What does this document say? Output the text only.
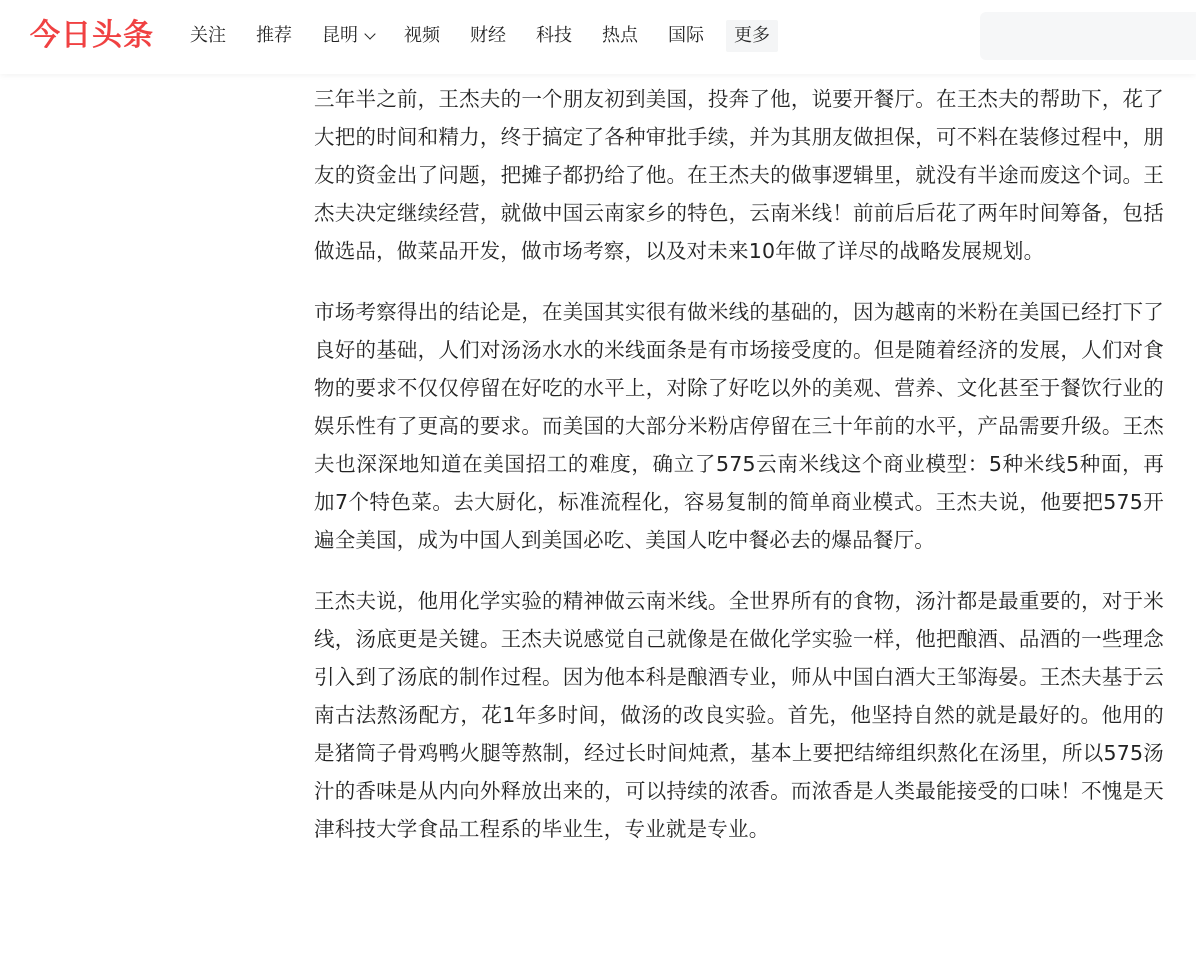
今日头条 关注 推荐 昆明	视频 财经 科技 热点 国际	更多

三年半之前，王杰夫的一个朋友初到美国，投奔了他，说要开餐厅。在王杰夫的帮助下，花了大把的时间和精力，终于搞定了各种审批手续，并为其朋友做担保，可不料在装修过程中，朋友的资金出了问题，把摊子都扔给了他。在王杰夫的做事逻辑里，就没有半途而废这个词。王杰夫决定继续经营，就做中国云南家乡的特色，云南米线！前前后后花了两年时间筹备，包括做选品，做菜品开发，做市场考察，以及对未来10年做了详尽的战略发展规划。

市场考察得出的结论是，在美国其实很有做米线的基础的，因为越南的米粉在美国已经打下了良好的基础，人们对汤汤水水的米线面条是有市场接受度的。但是随着经济的发展，人们对食物的要求不仅仅停留在好吃的水平上，对除了好吃以外的美观、营养、文化甚至于餐饮行业的娱乐性有了更高的要求。而美国的大部分米粉店停留在三十年前的水平，产品需要升级。王杰夫也深深地知道在美国招工的难度，确立了575云南米线这个商业模型：5种米线5种面，再加7个特色菜。去大厨化，标准流程化，容易复制的简单商业模式。王杰夫说，他要把575开遍全美国，成为中国人到美国必吃、美国人吃中餐必去的爆品餐厅。

王杰夫说，他用化学实验的精神做云南米线。全世界所有的食物，汤汁都是最重要的，对于米线，汤底更是关键。王杰夫说感觉自己就像是在做化学实验一样，他把酿酒、品酒的一些理念引入到了汤底的制作过程。因为他本科是酿酒专业，师从中国白酒大王邹海晏。王杰夫基于云南古法熬汤配方，花1年多时间，做汤的改良实验。首先，他坚持自然的就是最好的。他用的是猪筒子骨鸡鸭火腿等熬制，经过长时间炖煮，基本上要把结缔组织熬化在汤里，所以575汤汁的香味是从内向外释放出来的，可以持续的浓香。而浓香是人类最能接受的口味！不愧是天津科技大学食品工程系的毕业生，专业就是专业。
